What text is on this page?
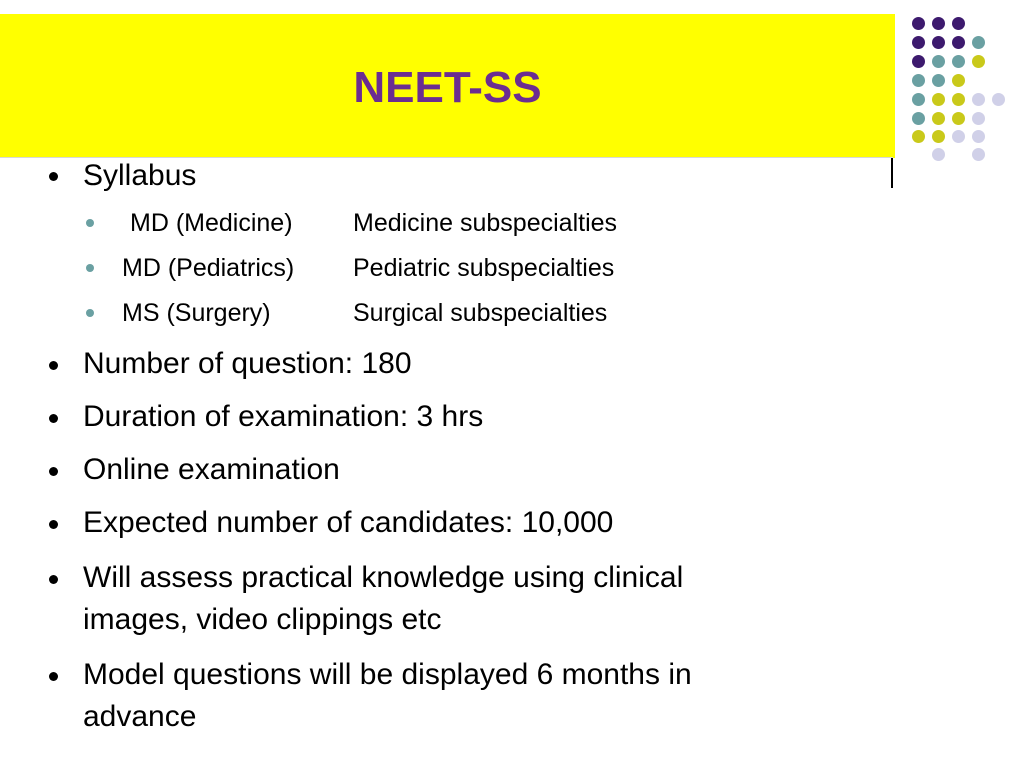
NEET-SS
Syllabus
MD (Medicine) Medicine subspecialties
MD (Pediatrics) Pediatric subspecialties
MS (Surgery)	Surgical subspecialties
Number of question: 180
Duration of examination: 3 hrs
Online examination
Expected number of candidates: 10,000
Will assess practical knowledge using clinical
images, video clippings etc
Model questions will be displayed 6 months in
advance
